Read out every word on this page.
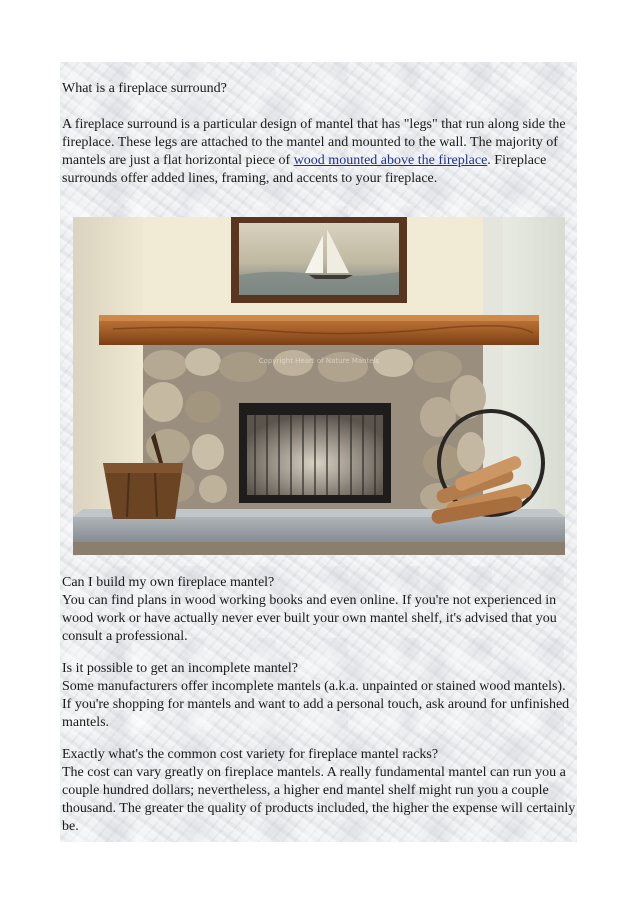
What is a fireplace surround?

A fireplace surround is a particular design of mantel that has "legs" that run along side the fireplace. These legs are attached to the mantel and mounted to the wall. The majority of mantels are just a flat horizontal piece of wood mounted above the fireplace. Fireplace surrounds offer added lines, framing, and accents to your fireplace.

Copyright Heart of Nature Mantels

Can I build my own fireplace mantel?
You can find plans in wood working books and even online. If you're not experienced in wood work or have actually never ever built your own mantel shelf, it's advised that you consult a professional.

Is it possible to get an incomplete mantel?
Some manufacturers offer incomplete mantels (a.k.a. unpainted or stained wood mantels). If you're shopping for mantels and want to add a personal touch, ask around for unfinished mantels.

Exactly what's the common cost variety for fireplace mantel racks?
The cost can vary greatly on fireplace mantels. A really fundamental mantel can run you a couple hundred dollars; nevertheless, a higher end mantel shelf might run you a couple thousand. The greater the quality of products included, the higher the expense will certainly be.
